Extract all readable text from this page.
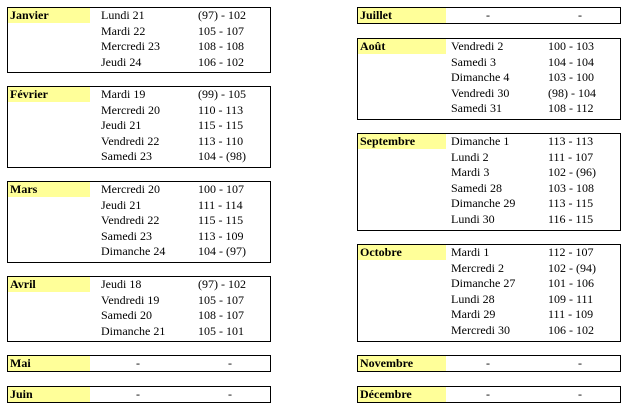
Janvier	Lundi 21	(97) - 102
Mardi 22	105 - 107
Mercredi 23	108 - 108
Jeudi 24	106 - 102
Février	Mardi 19	(99) - 105
Mercredi 20	110 - 113
Jeudi 21	115 - 115
Vendredi 22	113 - 110
Samedi 23	104 - (98)
Mars	Mercredi 20	100 - 107
Jeudi 21	111 - 114
Vendredi 22	115 - 115
Samedi 23	113 - 109
Dimanche 24	104 - (97)
Avril	Jeudi 18	(97) - 102
Vendredi 19	105 - 107
Samedi 20	108 - 107
Dimanche 21	105 - 101
Mai	-	-
Juin	-	-
Juillet	-	-
Août	Vendredi 2	100 - 103
Samedi 3	104 - 104
Dimanche 4	103 - 100
Vendredi 30	(98) - 104
Samedi 31	108 - 112
Septembre	Dimanche 1	113 - 113
Lundi 2	111 - 107
Mardi 3	102 - (96)
Samedi 28	103 - 108
Dimanche 29	113 - 115
Lundi 30	116 - 115
Octobre	Mardi 1	112 - 107
Mercredi 2	102 - (94)
Dimanche 27	101 - 106
Lundi 28	109 - 111
Mardi 29	111 - 109
Mercredi 30	106 - 102
Novembre	-	-
Décembre	-	-
